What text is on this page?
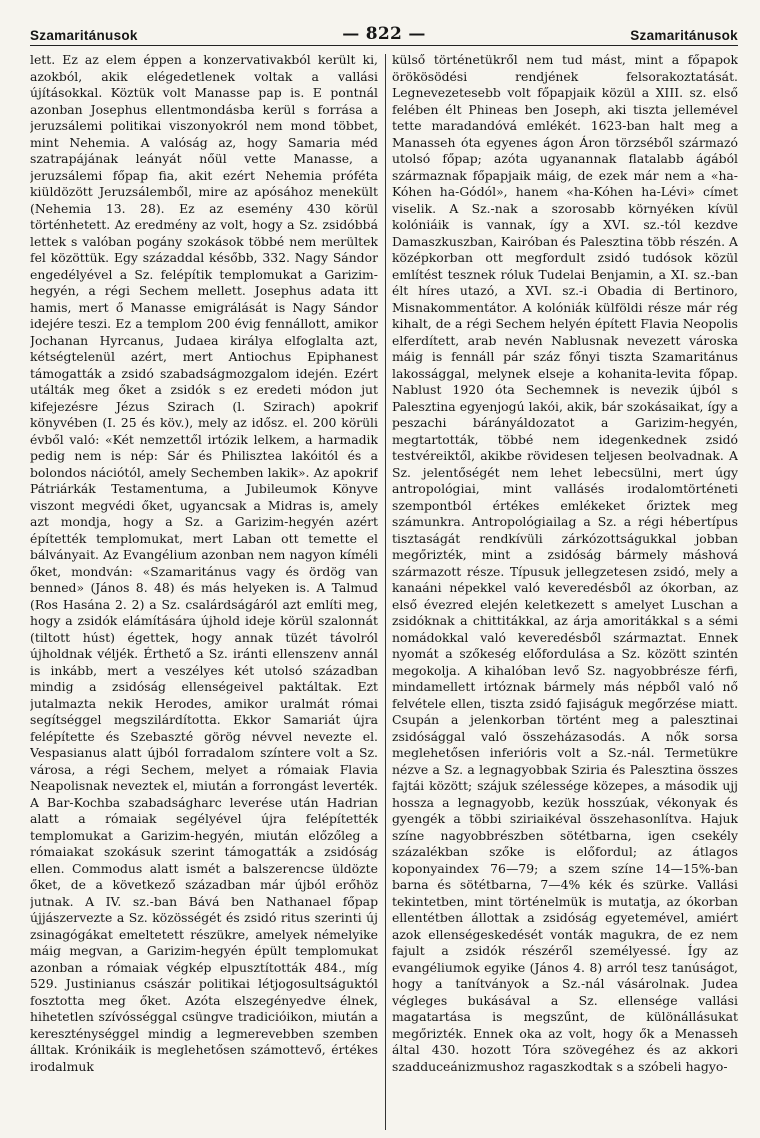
Szamaritánusok	— 822 —	Szamaritánusok

lett. Ez az elem éppen a konzervativakból került ki, azokból, akik elégedetlenek voltak a vallási újításokkal. Köztük volt Manasse pap is. E pontnál azonban Josephus ellentmondásba kerül s forrása a jeruzsálemi politikai viszonyokról nem mond többet, mint Nehemia. A valóság az, hogy Samaria méd szatrapájának leányát nőül vette Manasse, a jeruzsálemi főpap fia, akit ezért Nehemia próféta kiüldözött Jeruzsálemből, mire az apósához menekült (Nehemia 13. 28). Ez az esemény 430 körül történhetett. Az eredmény az volt, hogy a Sz. zsidóbbá lettek s valóban pogány szokások többé nem merültek fel közöttük. Egy századdal később, 332. Nagy Sándor engedélyével a Sz. felépítik templomukat a Garizim-hegyén, a régi Sechem mellett. Josephus adata itt hamis, mert ő Manasse emigrálását is Nagy Sándor idejére teszi. Ez a templom 200 évig fennállott, amikor Jochanan Hyrcanus, Judaea királya elfoglalta azt, kétségtelenül azért, mert Antiochus Epiphanest támogatták a zsidó szabadságmozgalom idején. Ezért utálták meg őket a zsidók s ez eredeti módon jut kifejezésre Jézus Szirach (l. Szirach) apokrif könyvében (I. 25 és köv.), mely az idősz. el. 200 körüli évből való: «Két nemzettől irtózik lelkem, a harmadik pedig nem is nép: Sár és Philisztea lakóitól és a bolondos nációtól, amely Sechemben lakik». Az apokrif Pátriárkák Testamentuma, a Jubileumok Könyve viszont megvédi őket, ugyancsak a Midras is, amely azt mondja, hogy a Sz. a Garizim-hegyén azért építették templomukat, mert Laban ott temette el bálványait. Az Evangélium azonban nem nagyon kíméli őket, mondván: «Szamaritánus vagy és ördög van benned» (János 8. 48) és más helyeken is. A Talmud (Ros Hasána 2. 2) a Sz. csalárdságáról azt említi meg, hogy a zsidók elámítására újhold ideje körül szalonnát (tiltott húst) égettek, hogy annak tüzét távolról újholdnak véljék. Érthető a Sz. iránti ellenszenv annál is inkább, mert a veszélyes két utolsó században mindig a zsidóság ellenségeivel paktáltak. Ezt jutalmazta nekik Herodes, amikor uralmát római segítséggel megszilárdította. Ekkor Samariát újra felépítette és Szebaszté görög névvel nevezte el. Vespasianus alatt újból forradalom színtere volt a Sz. városa, a régi Sechem, melyet a rómaiak Flavia Neapolisnak neveztek el, miután a forrongást leverték. A Bar-Kochba szabadságharc leverése után Hadrian alatt a rómaiak segélyével újra felépítették templomukat a Garizim-hegyén, miután előzőleg a rómaiakat szokásuk szerint támogatták a zsidóság ellen. Commodus alatt ismét a balszerencse üldözte őket, de a következő században már újból erőhöz jutnak. A IV. sz.-ban Bává ben Nathanael főpap újjászervezte a Sz. közösségét és zsidó ritus szerinti új zsinagógákat emeltetett részükre, amelyek némelyike máig megvan, a Garizim-hegyén épült templomukat azonban a rómaiak végkép elpusztították 484., míg 529. Justinianus császár politikai létjogosultságuktól fosztotta meg őket. Azóta elszegényedve élnek, hihetetlen szívósséggal csüngve tradicióikon, miután a kereszténységgel mindig a legmerevebben szemben álltak. Krónikáik is meglehetősen számottevő, értékes irodalmuk

külső történetükről nem tud mást, mint a főpapok örökösödési rendjének felsorakoztatását. Legnevezetesebb volt főpapjaik közül a XIII. sz. első felében élt Phineas ben Joseph, aki tiszta jellemével tette maradandóvá emlékét. 1623-ban halt meg a Manasseh óta egyenes ágon Áron törzséből származó utolsó főpap; azóta ugyanannak flatalabb ágából származnak főpapjaik máig, de ezek már nem a «ha-Kóhen ha-Gódól», hanem «ha-Kóhen ha-Lévi» címet viselik. A Sz.-nak a szorosabb környéken kívül kolóniáik is vannak, így a XVI. sz.-tól kezdve Damaszkuszban, Kairóban és Palesztina több részén. A középkorban ott megfordult zsidó tudósok közül említést tesznek róluk Tudelai Benjamin, a XI. sz.-ban élt híres utazó, a XVI. sz.-i Obadia di Bertinoro, Misnakommentátor. A kolóniák külföldi része már rég kihalt, de a régi Sechem helyén épített Flavia Neopolis elferdített, arab nevén Nablusnak nevezett városka máig is fennáll pár száz főnyi tiszta Szamaritánus lakossággal, melynek elseje a kohanita-levita főpap. Nablust 1920 óta Sechemnek is nevezik újból s Palesztina egyenjogú lakói, akik, bár szokásaikat, így a peszachi bárányáldozatot a Garizim-hegyén, megtartották, többé nem idegenkednek zsidó testvéreiktől, akikbe rövidesen teljesen beolvadnak. A Sz. jelentőségét nem lehet lebecsülni, mert úgy antropológiai, mint vallásés irodalomtörténeti szempontból értékes emlékeket őriztek meg számunkra. Antropológiailag a Sz. a régi hébertípus tisztaságát rendkívüli zárkózottságukkal jobban megőrizték, mint a zsidóság bármely máshová származott része. Típusuk jellegzetesen zsidó, mely a kanaáni népekkel való keveredésből az ókorban, az első évezred elején keletkezett s amelyet Luschan a zsidóknak a chittitákkal, az árja amoritákkal s a sémi nomádokkal való keveredésből származtat. Ennek nyomát a szőkeség előfordulása a Sz. között szintén megokolja. A kihalóban levő Sz. nagyobbrésze férfi, mindamellett irtóznak bármely más népből való nő felvétele ellen, tiszta zsidó fajiságuk megőrzése miatt. Csupán a jelenkorban történt meg a palesztinai zsidósággal való összeházasodás. A nők sorsa meglehetősen inferióris volt a Sz.-nál. Termetükre nézve a Sz. a legnagyobbak Sziria és Palesztina összes fajtái között; szájuk szélessége közepes, a második ujj hossza a legnagyobb, kezük hosszúak, vékonyak és gyengék a többi sziriaikéval összehasonlítva. Hajuk színe nagyobbrészben sötétbarna, igen csekély százalékban szőke is előfordul; az átlagos koponyaindex 76—79; a szem színe 14—15%-ban barna és sötétbarna, 7—4% kék és szürke. Vallási tekintetben, mint történelmük is mutatja, az ókorban ellentétben állottak a zsidóság egyetemével, amiért azok ellenségeskedését vonták magukra, de ez nem fajult a zsidók részéről személyessé. Így az evangéliumok egyike (János 4. 8) arról tesz tanúságot, hogy a tanítványok a Sz.-nál vásárolnak. Judea végleges bukásával a Sz. ellensége vallási magatartása is megszűnt, de különállásukat megőrizték. Ennek oka az volt, hogy ők a Menasseh által 430. hozott Tóra szövegéhez és az akkori szadduceánizmushoz ragaszkodtak s a szóbeli hagyo-
